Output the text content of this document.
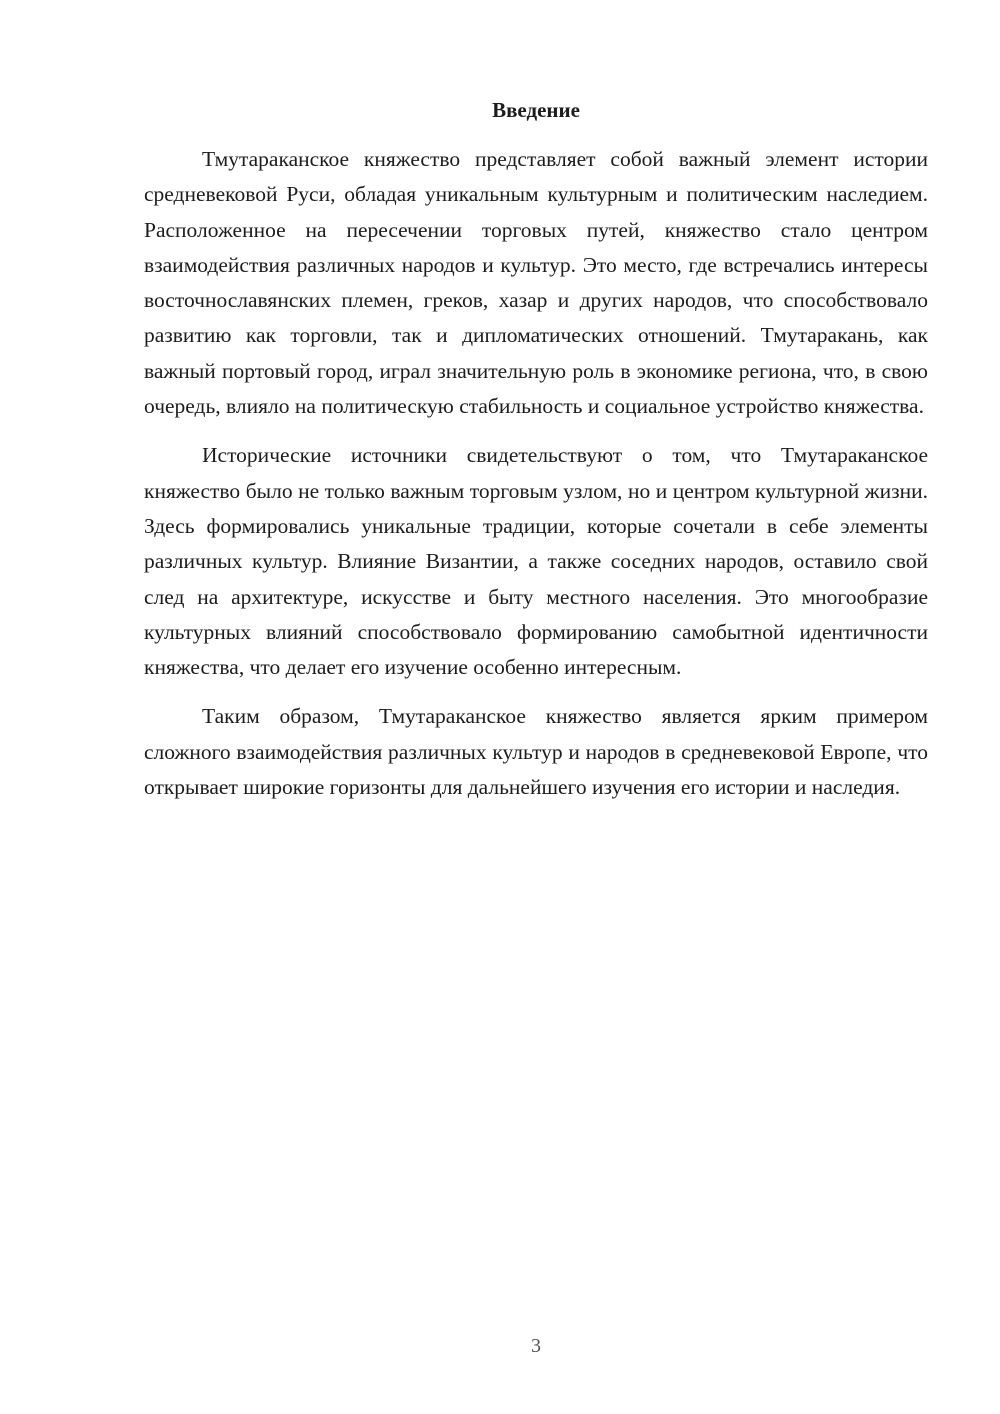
Введение

Тмутараканское княжество представляет собой важный элемент истории средневековой Руси, обладая уникальным культурным и политическим наследием. Расположенное на пересечении торговых путей, княжество стало центром взаимодействия различных народов и культур. Это место, где встречались интересы восточнославянских племен, греков, хазар и других народов, что способствовало развитию как торговли, так и дипломатических отношений. Тмутаракань, как важный портовый город, играл значительную роль в экономике региона, что, в свою очередь, влияло на политическую стабильность и социальное устройство княжества.

Исторические источники свидетельствуют о том, что Тмутараканское княжество было не только важным торговым узлом, но и центром культурной жизни. Здесь формировались уникальные традиции, которые сочетали в себе элементы различных культур. Влияние Византии, а также соседних народов, оставило свой след на архитектуре, искусстве и быту местного населения. Это многообразие культурных влияний способствовало формированию самобытной идентичности княжества, что делает его изучение особенно интересным.

Таким образом, Тмутараканское княжество является ярким примером сложного взаимодействия различных культур и народов в средневековой Европе, что открывает широкие горизонты для дальнейшего изучения его истории и наследия.

3
